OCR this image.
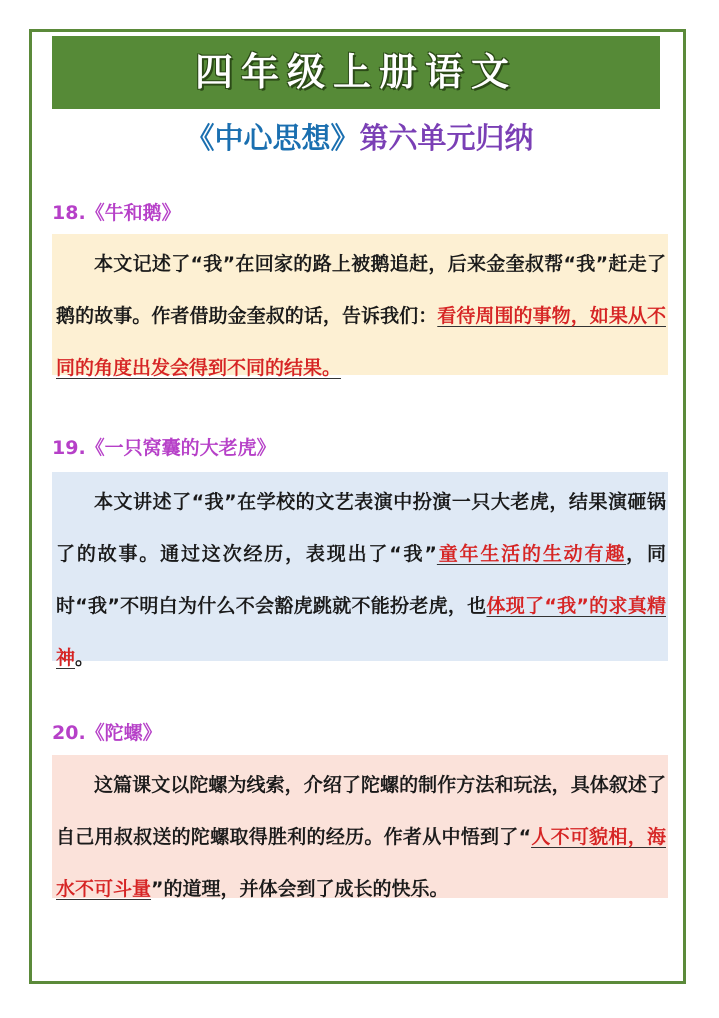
四年级上册语文
《中心思想》第六单元归纳
18.《牛和鹅》

本文记述了“我”在回家的路上被鹅追赶，后来金奎叔帮“我”赶走了鹅的故事。作者借助金奎叔的话，告诉我们：看待周围的事物，如果从不同的角度出发会得到不同的结果。

19.《一只窝囊的大老虎》

本文讲述了“我”在学校的文艺表演中扮演一只大老虎，结果演砸锅了的故事。通过这次经历，表现出了“我”童年生活的生动有趣，同时“我”不明白为什么不会豁虎跳就不能扮老虎，也体现了“我”的求真精神。

20.《陀螺》

这篇课文以陀螺为线索，介绍了陀螺的制作方法和玩法，具体叙述了自己用叔叔送的陀螺取得胜利的经历。作者从中悟到了“人不可貌相，海水不可斗量”的道理，并体会到了成长的快乐。
